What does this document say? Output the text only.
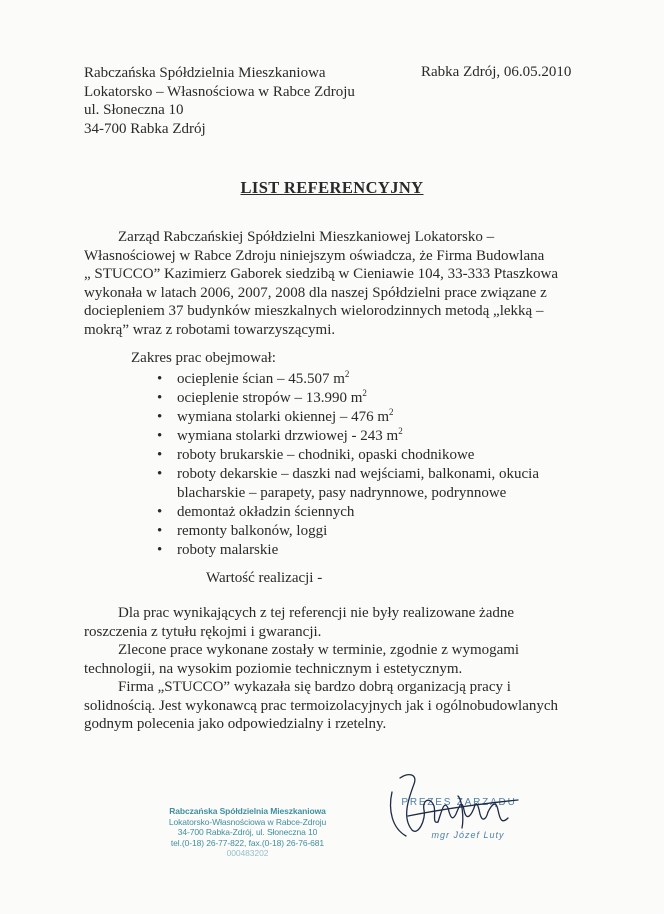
Rabczańska Spółdzielnia Mieszkaniowa
Lokatorsko – Własnościowa w Rabce Zdroju
ul. Słoneczna 10
34-700 Rabka Zdrój
Rabka Zdrój, 06.05.2010
LIST REFERENCYJNY
Zarząd Rabczańskiej Spółdzielni Mieszkaniowej Lokatorsko –
Własnościowej w Rabce Zdroju niniejszym oświadcza, że Firma Budowlana
„ STUCCO” Kazimierz Gaborek siedzibą w Cieniawie 104, 33-333 Ptaszkowa
wykonała w latach 2006, 2007, 2008 dla naszej Spółdzielni prace związane z
dociepleniem 37 budynków mieszkalnych wielorodzinnych metodą „lekką –
mokrą” wraz z robotami towarzyszącymi.
Zakres prac obejmował:
• ocieplenie ścian – 45.507 $m^2$
• ocieplenie stropów – 13.990 $m^2$
• wymiana stolarki okiennej – 476 $m^2$
• wymiana stolarki drzwiowej - 243 $m^2$
• roboty brukarskie – chodniki, opaski chodnikowe
• roboty dekarskie – daszki nad wejściami, balkonami, okucia
blacharskie – parapety, pasy nadrynnowe, podrynnowe
• demontaż okładzin ściennych
• remonty balkonów, loggi
• roboty malarskie
Wartość realizacji -
Dla prac wynikających z tej referencji nie były realizowane żadne
roszczenia z tytułu rękojmi i gwarancji.
Zlecone prace wykonane zostały w terminie, zgodnie z wymogami
technologii, na wysokim poziomie technicznym i estetycznym.
Firma „STUCCO” wykazała się bardzo dobrą organizacją pracy i
solidnością. Jest wykonawcą prac termoizolacyjnych jak i ogólnobudowlanych
godnym polecenia jako odpowiedzialny i rzetelny.
Rabczańska Spółdzielnia Mieszkaniowa
Lokatorsko-Własnościowa w Rabce-Zdroju
34-700 Rabka-Zdrój, ul. Słoneczna 10
tel.(0-18) 26-77-822, fax.(0-18) 26-76-681
000483202
PREZES ZARZĄDU
mgr Józef Luty
